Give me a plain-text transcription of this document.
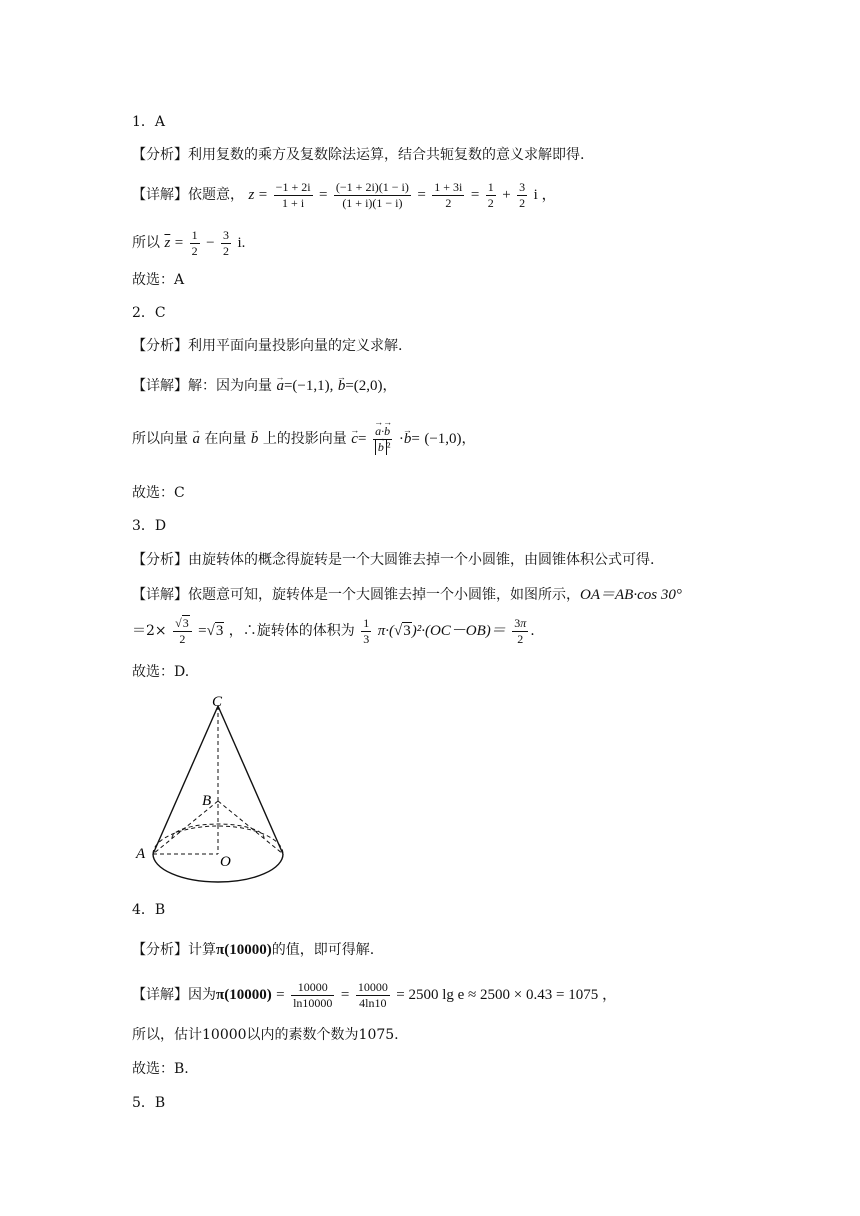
1．A
【分析】利用复数的乘方及复数除法运算，结合共轭复数的意义求解即得.
【详解】依题意， $z = \frac{-1 + 2i}{1 + i} = \frac{(-1 + 2i)(1 - i)}{(1 + i)(1 - i)} = \frac{1 + 3i}{2} = \frac{1}{2} + \frac{3}{2}$ i ，
所以 $\overline{z} = \frac{1}{2} - \frac{3}{2} i$.
故选：A
2．C
【分析】利用平面向量投影向量的定义求解.
【详解】解：因为向量 → a=(−1,1), → b=(2,0)，
所以向量 → a 在向量 → b 上的投影向量 → c= → a·→ b
→ b ² ·→ b= (−1,0)，
故选：C
3．D
【分析】由旋转体的概念得旋转是一个大圆锥去掉一个小圆锥，由圆锥体积公式可得.
【详解】依题意可知，旋转体是一个大圆锥去掉一个小圆锥，如图所示，OA＝AB·cos 30°
$=2\times \frac{√3}{2} =√3$ ，∴旋转体的体积为 $\frac{1}{3} \pi\cdot(√3)^2\cdot(OC-OB)= \frac{3\pi}{2}$ .
故选：D.
C
B
A	O
4．B
【分析】计算π(10000)的值，即可得解.
【详解】因为$\pi(10000) = \frac{10000}{\ln 10000} = \frac{10000}{4\ln 10} = 2500$ lg e ≈ 2500 × 0.43 = 1075 ，
所以，估计10000以内的素数个数为1075.
故选：B.
5．B
